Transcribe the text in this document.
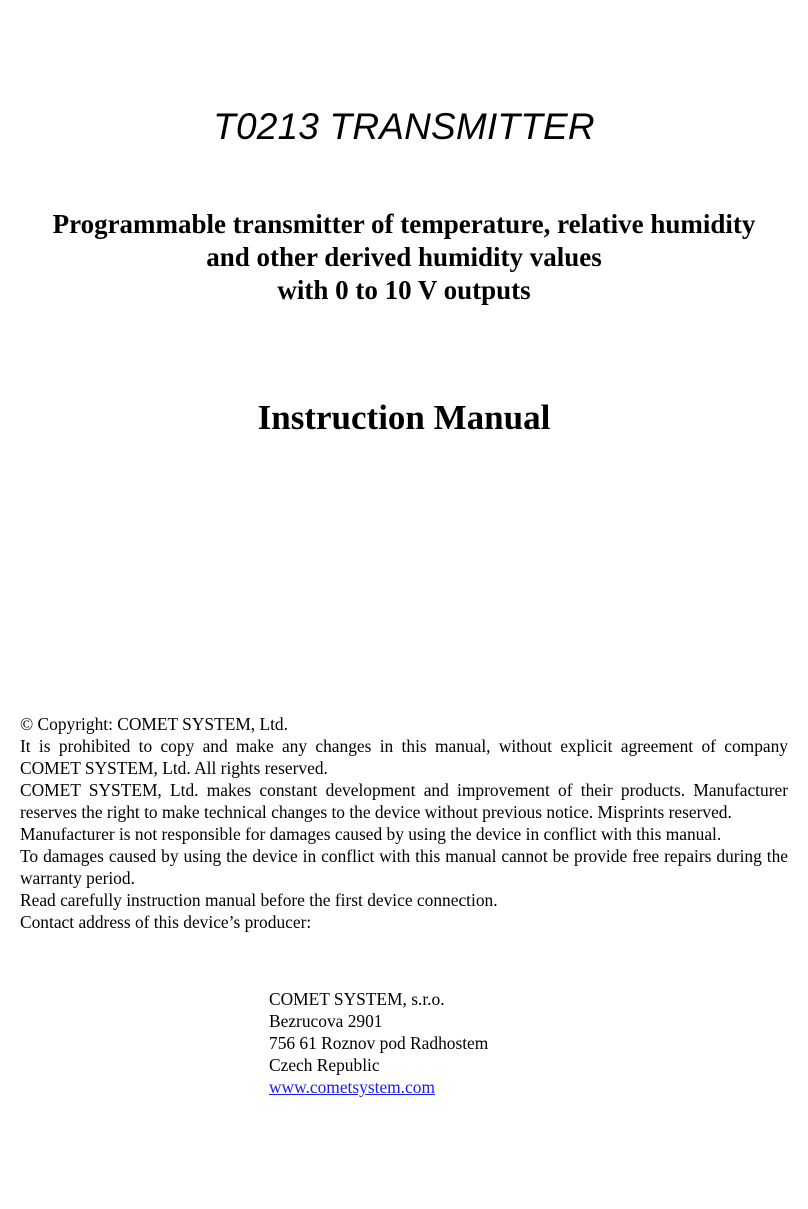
T0213 TRANSMITTER
Programmable transmitter of temperature, relative humidity
and other derived humidity values
with 0 to 10 V outputs
Instruction Manual

© Copyright: COMET SYSTEM, Ltd.

It is prohibited to copy and make any changes in this manual, without explicit agreement of company COMET SYSTEM, Ltd. All rights reserved.

COMET SYSTEM, Ltd. makes constant development and improvement of their products. Manufacturer reserves the right to make technical changes to the device without previous notice. Misprints reserved.

Manufacturer is not responsible for damages caused by using the device in conflict with this manual.

To damages caused by using the device in conflict with this manual cannot be provide free repairs during the warranty period.

Read carefully instruction manual before the first device connection.

Contact address of this device’s producer:

COMET SYSTEM, s.r.o.
Bezrucova 2901
756 61 Roznov pod Radhostem
Czech Republic
www.cometsystem.com
